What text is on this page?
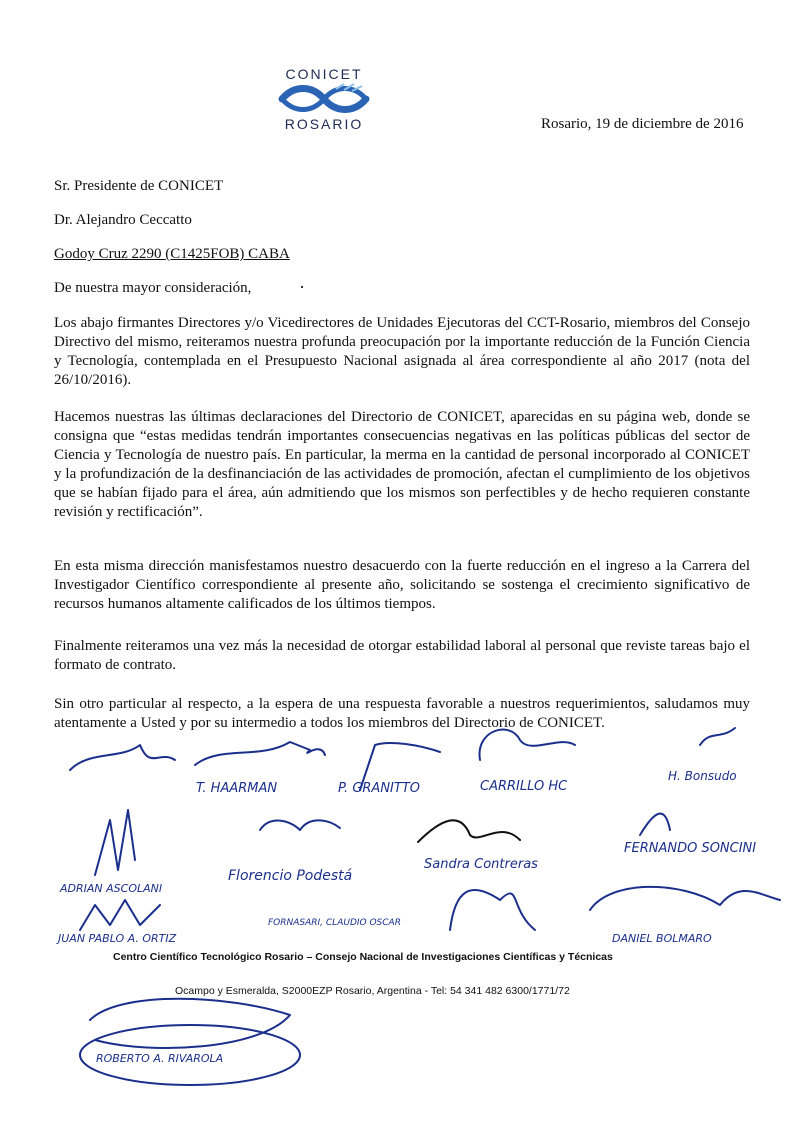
CONICET
ROSARIO	Rosario, 19 de diciembre de 2016
Sr. Presidente de CONICET
Dr. Alejandro Ceccatto
Godoy Cruz 2290 (C1425FOB) CABA
De nuestra mayor consideración,
Los abajo firmantes Directores y/o Vicedirectores de Unidades Ejecutoras del CCT-Rosario, miembros del Consejo Directivo del mismo, reiteramos nuestra profunda preocupación por la importante reducción de la Función Ciencia y Tecnología, contemplada en el Presupuesto Nacional asignada al área correspondiente al año 2017 (nota del 26/10/2016).
Hacemos nuestras las últimas declaraciones del Directorio de CONICET, aparecidas en su página web, donde se consigna que “estas medidas tendrán importantes consecuencias negativas en las políticas públicas del sector de Ciencia y Tecnología de nuestro país. En particular, la merma en la cantidad de personal incorporado al CONICET y la profundización de la desfinanciación de las actividades de promoción, afectan el cumplimiento de los objetivos que se habían fijado para el área, aún admitiendo que los mismos son perfectibles y de hecho requieren constante revisión y rectificación”.
En esta misma dirección manisfestamos nuestro desacuerdo con la fuerte reducción en el ingreso a la Carrera del Investigador Científico correspondiente al presente año, solicitando se sostenga el crecimiento significativo de recursos humanos altamente calificados de los últimos tiempos.
Finalmente reiteramos una vez más la necesidad de otorgar estabilidad laboral al personal que reviste tareas bajo el formato de contrato.
Sin otro particular al respecto, a la espera de una respuesta favorable a nuestros requerimientos, saludamos muy atentamente a Usted y por su intermedio a todos los miembros del Directorio de CONICET.
T. HAARMAN	P. GRANITTO	CARRILLO HC
H. Bonsudo
FERNANDO SONCINI
Florencio Podestá
Sandra Contreras
ADRIAN ASCOLANI
JUAN PABLO A. ORTIZ
FORNASARI, CLAUDIO OSCAR
DANIEL BOLMARO
ROBERTO A. RIVAROLA
Centro Científico Tecnológico Rosario – Consejo Nacional de Investigaciones Científicas y Técnicas
Ocampo y Esmeralda, S2000EZP Rosario, Argentina - Tel: 54 341 482 6300/1771/72
